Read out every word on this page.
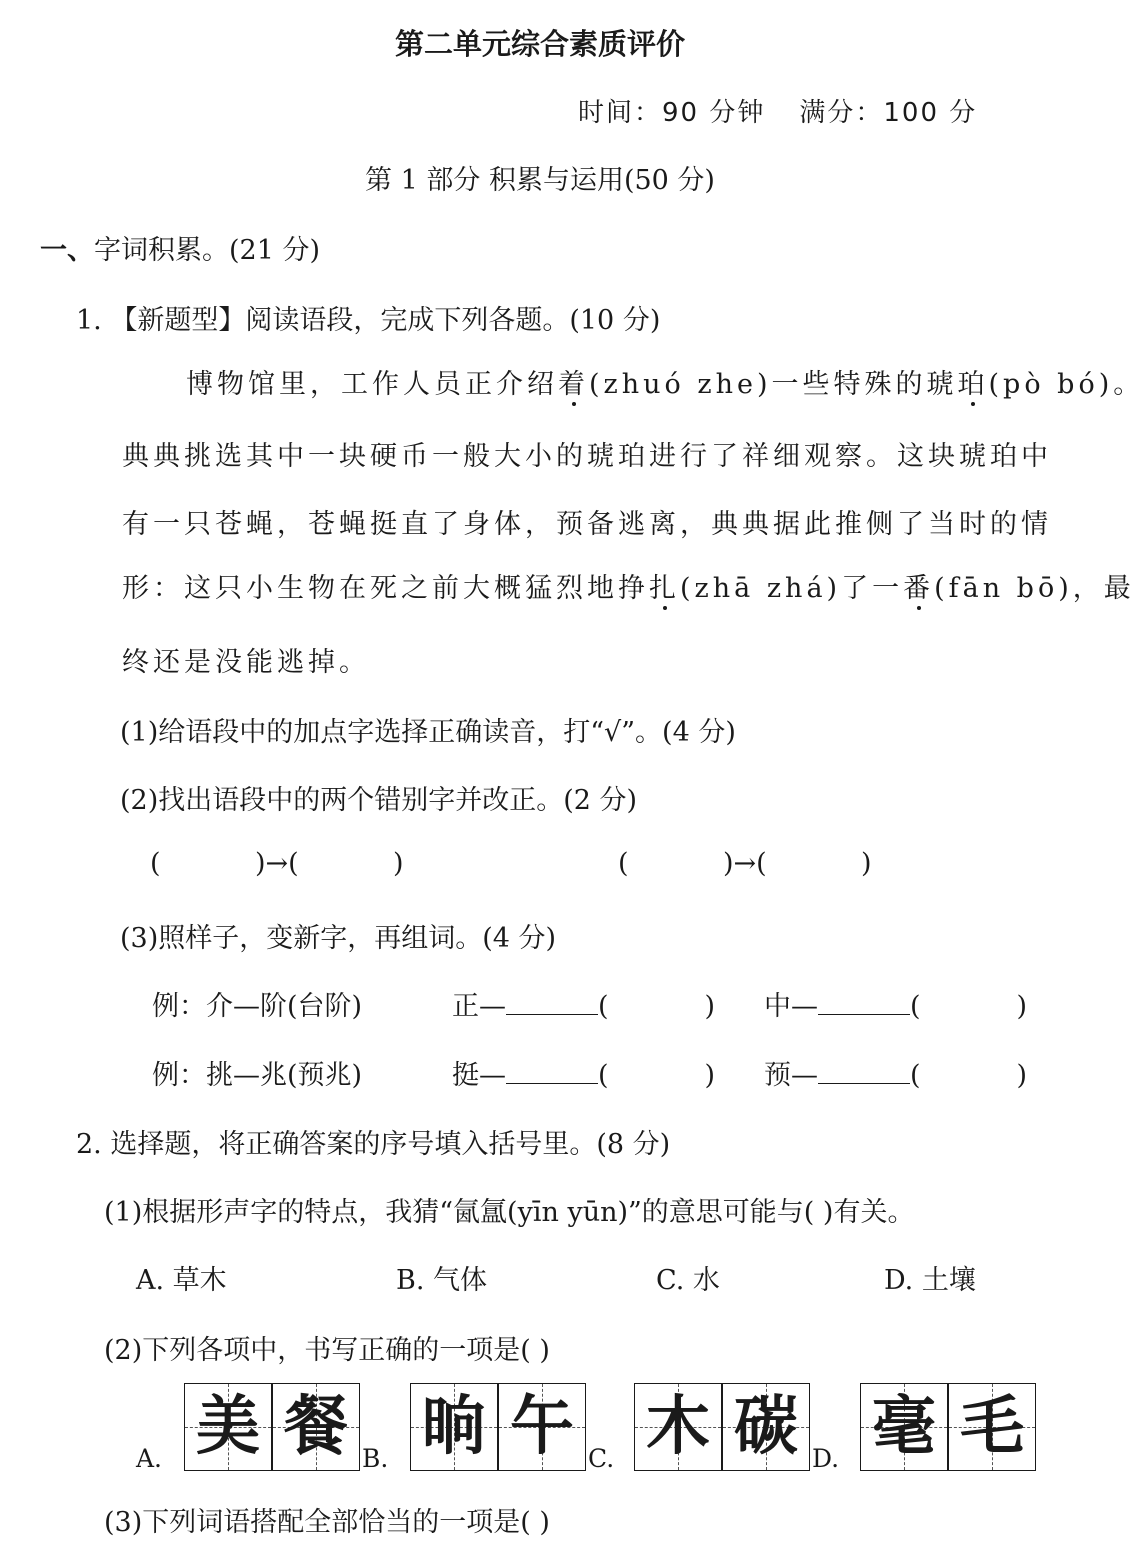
第二单元综合素质评价
时间：90 分钟 满分：100 分
第 1 部分 积累与运用(50 分)
一、字词积累。(21 分)
1. 【新题型】阅读语段，完成下列各题。(10 分)
博物馆里，工作人员正介绍着(zhuó zhe)一些特殊的琥珀(pò bó)。
典典挑选其中一块硬币一般大小的琥珀进行了祥细观察。这块琥珀中
有一只苍蝇，苍蝇挺直了身体，预备逃离，典典据此推侧了当时的情
形：这只小生物在死之前大概猛烈地挣扎(zhā zhá)了一番(fān bō)，最
终还是没能逃掉。
(1)给语段中的加点字选择正确读音，打“√”。(4 分)
(2)找出语段中的两个错别字并改正。(2 分)
(           )→(           )	(           )→(           )
(3)照样子，变新字，再组词。(4 分)
例：介—阶(台阶)	正—	(	) 中—	(	)
例：挑—兆(预兆)	挺—	(	) 预—	(	)
2. 选择题，将正确答案的序号填入括号里。(8 分)
(1)根据形声字的特点，我猜“氤氲(yīn yūn)”的意思可能与( )有关。
A. 草木	B. 气体	C. 水	D. 土壤
(2)下列各项中，书写正确的一项是( )
A. 美 餐 B. 晌 午 C. 木 碳 D. 毫 毛
(3)下列词语搭配全部恰当的一项是( )
